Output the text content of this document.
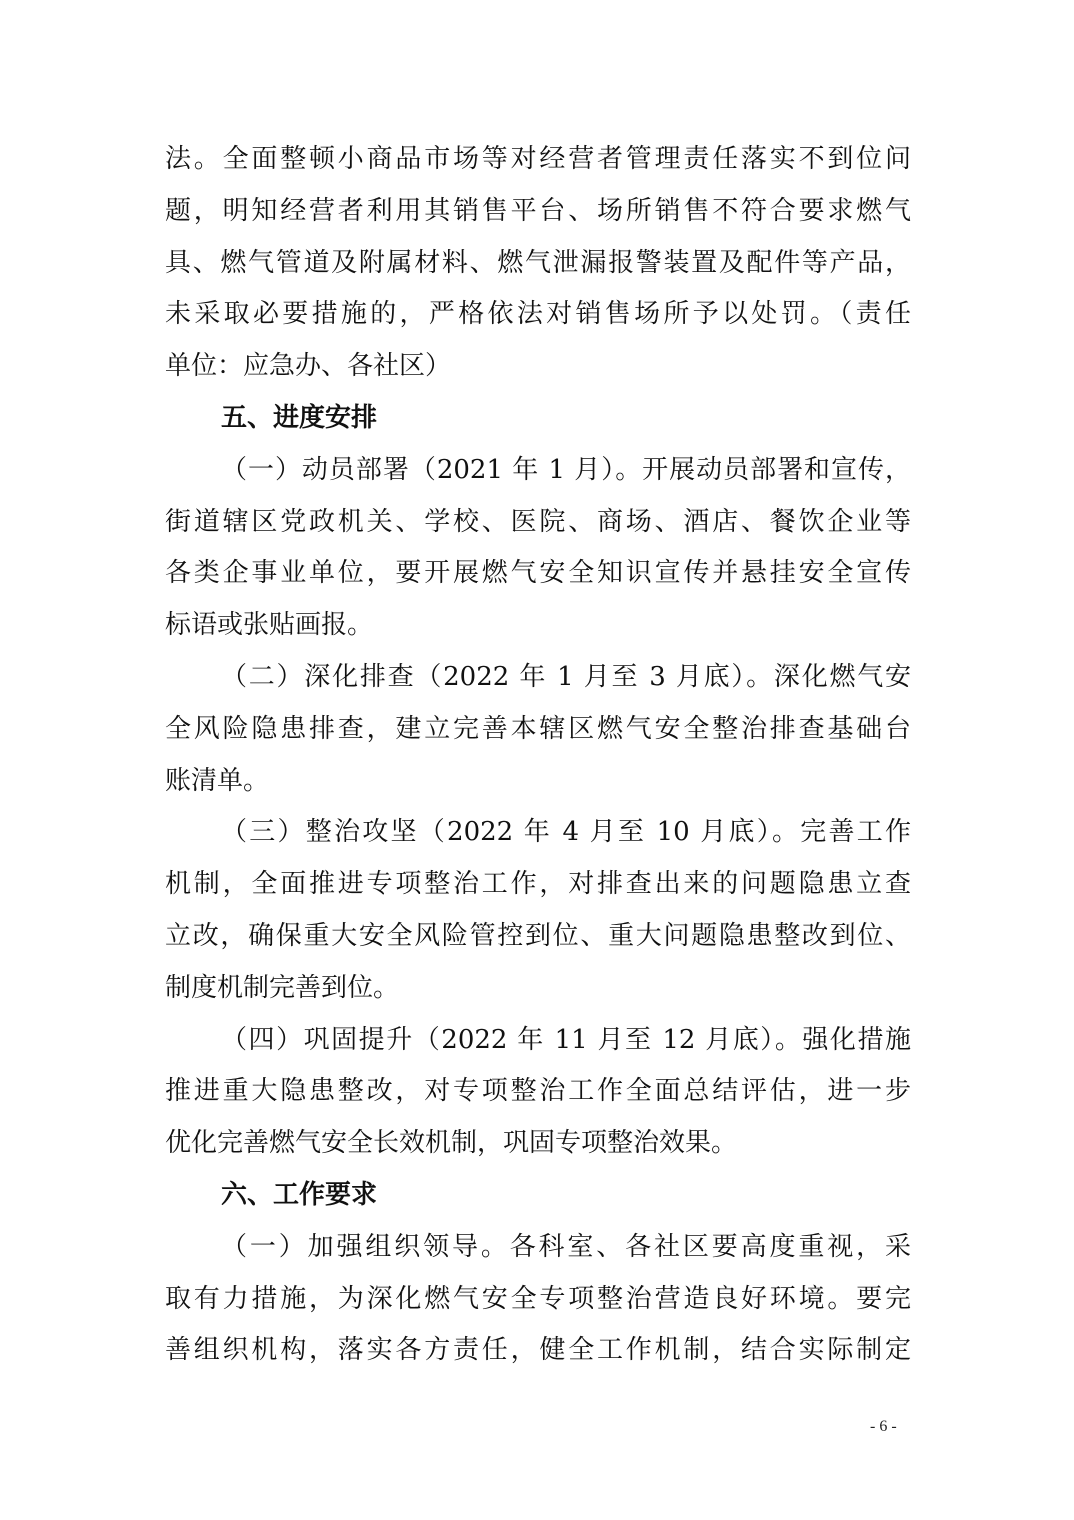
法。全面整顿小商品市场等对经营者管理责任落实不到位问
题，明知经营者利用其销售平台、场所销售不符合要求燃气
具、燃气管道及附属材料、燃气泄漏报警装置及配件等产品，
未采取必要措施的，严格依法对销售场所予以处罚。（责任
单位：应急办、各社区）
五、进度安排
（一）动员部署（2021 年 1 月）。开展动员部署和宣传，
街道辖区党政机关、学校、医院、商场、酒店、餐饮企业等
各类企事业单位，要开展燃气安全知识宣传并悬挂安全宣传
标语或张贴画报。
（二）深化排查（2022 年 1 月至 3 月底）。深化燃气安
全风险隐患排查，建立完善本辖区燃气安全整治排查基础台
账清单。
（三）整治攻坚（2022 年 4 月至 10 月底）。完善工作
机制，全面推进专项整治工作，对排查出来的问题隐患立查
立改，确保重大安全风险管控到位、重大问题隐患整改到位、
制度机制完善到位。
（四）巩固提升（2022 年 11 月至 12 月底）。强化措施
推进重大隐患整改，对专项整治工作全面总结评估，进一步
优化完善燃气安全长效机制，巩固专项整治效果。
六、工作要求
（一）加强组织领导。各科室、各社区要高度重视，采
取有力措施，为深化燃气安全专项整治营造良好环境。要完
善组织机构，落实各方责任，健全工作机制，结合实际制定
- 6 -
